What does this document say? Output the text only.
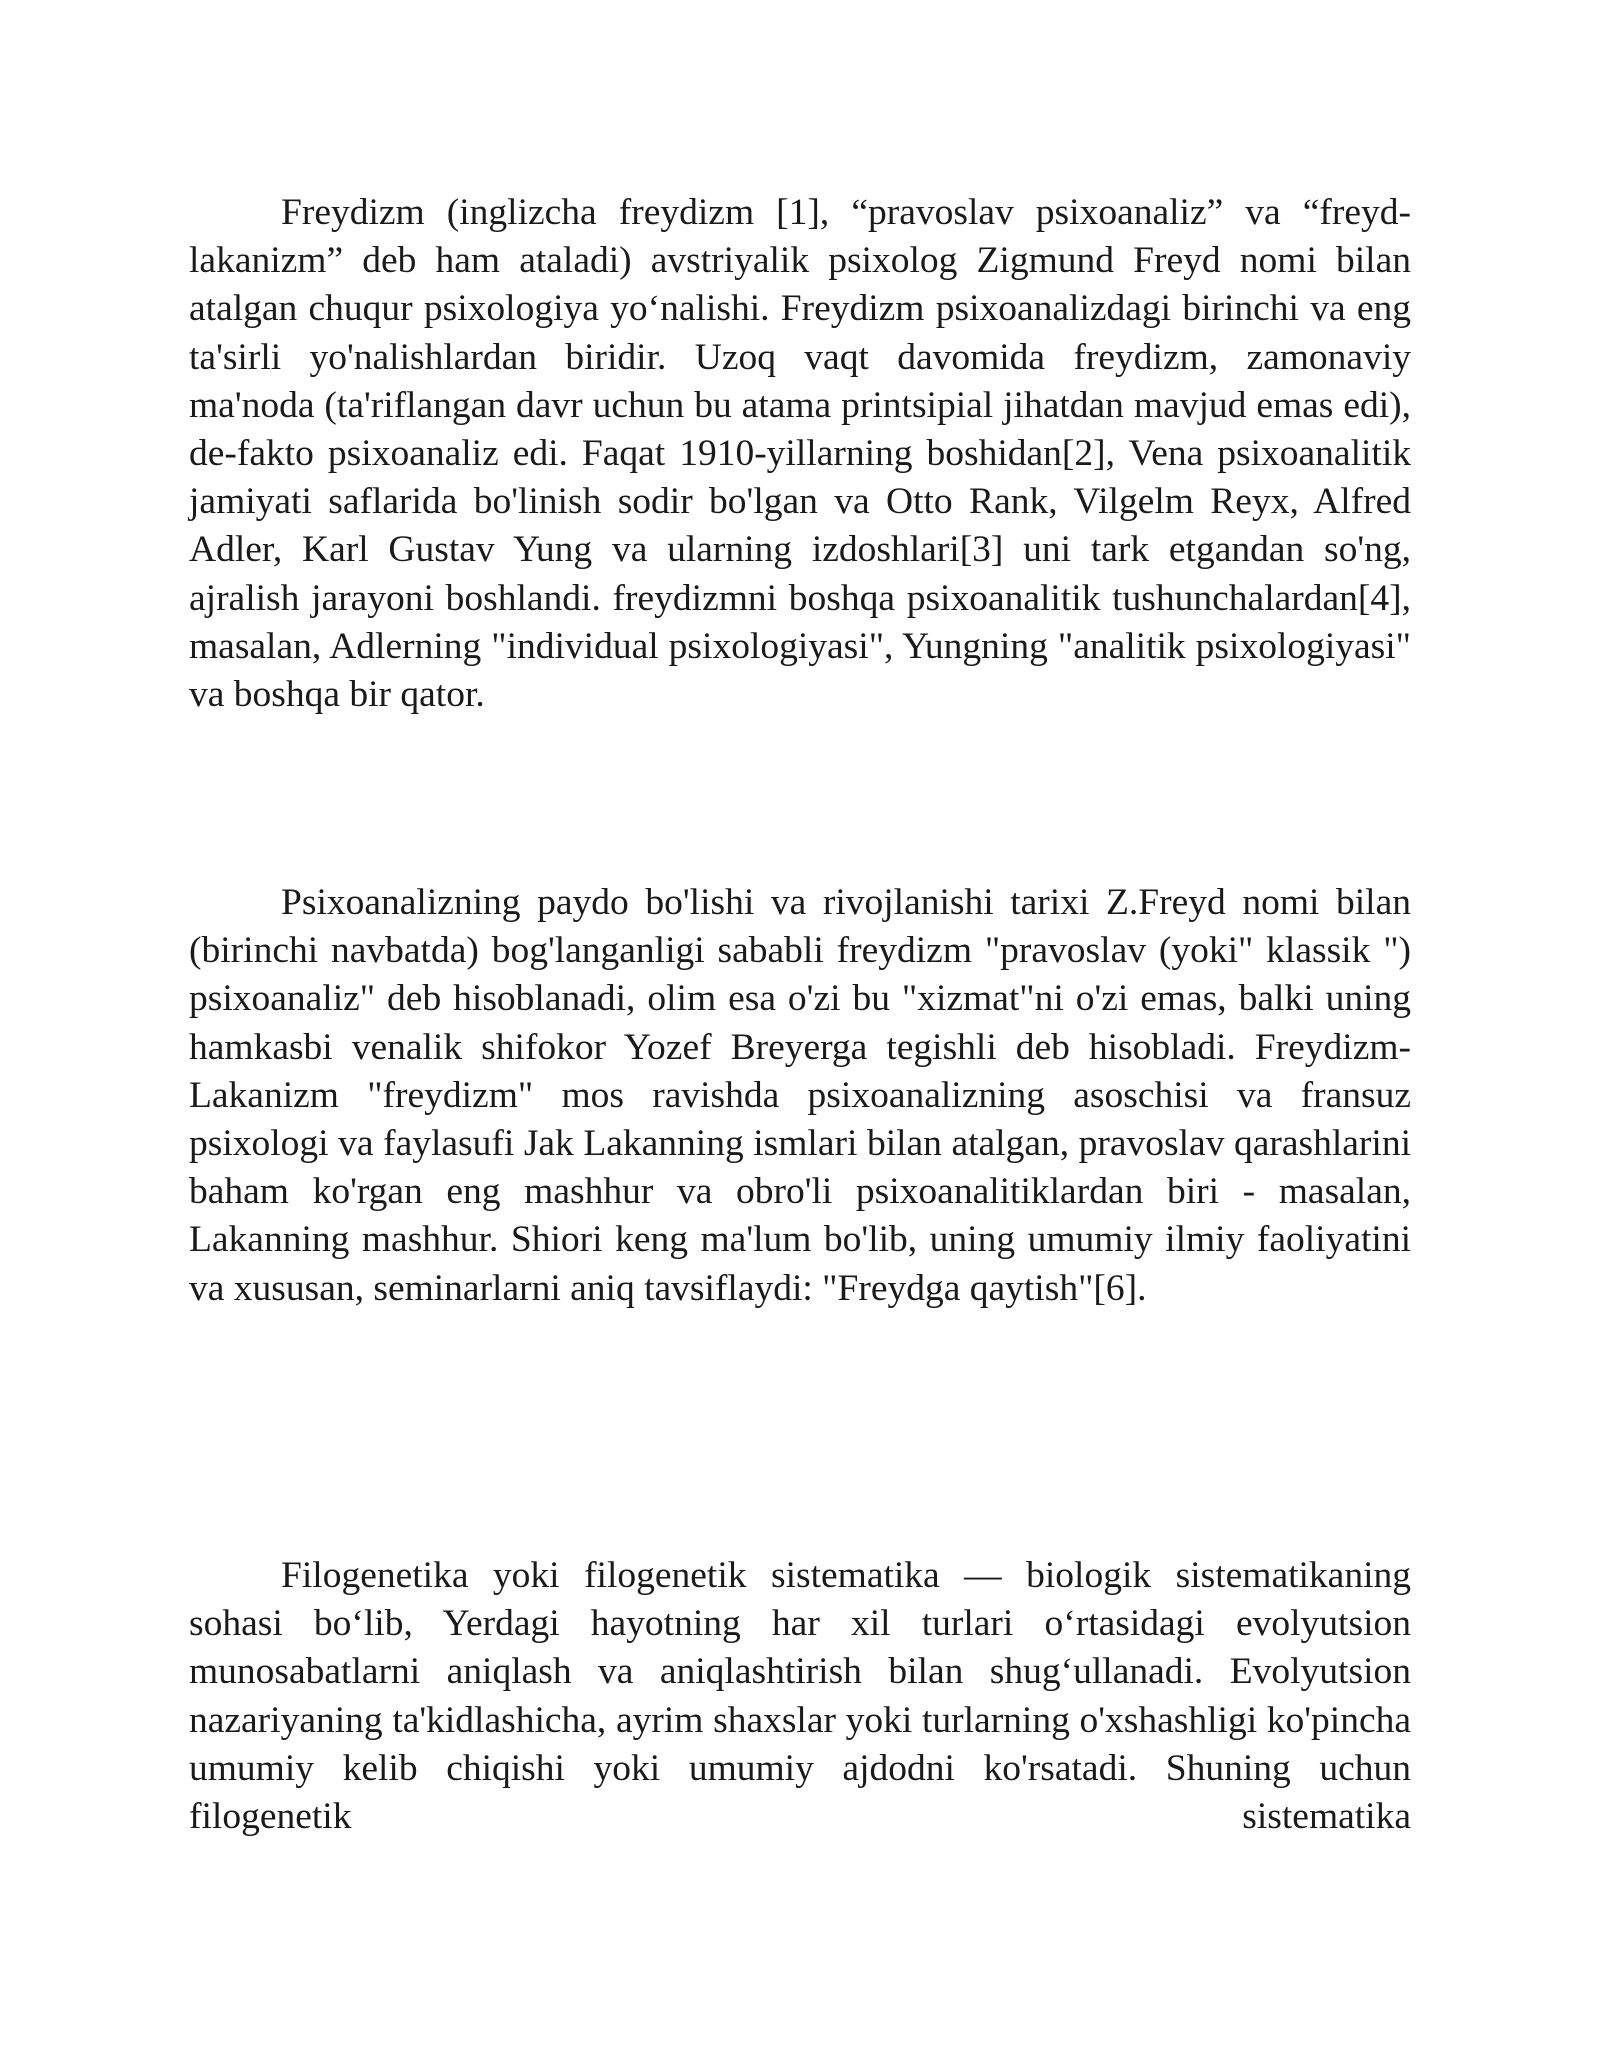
Freydizm (inglizcha freydizm [1], “pravoslav psixoanaliz” va “freyd-lakanizm” deb ham ataladi) avstriyalik psixolog Zigmund Freyd nomi bilan atalgan chuqur psixologiya yo‘nalishi. Freydizm psixoanalizdagi birinchi va eng ta'sirli yo'nalishlardan biridir. Uzoq vaqt davomida freydizm, zamonaviy ma'noda (ta'riflangan davr uchun bu atama printsipial jihatdan mavjud emas edi), de-fakto psixoanaliz edi. Faqat 1910-yillarning boshidan[2], Vena psixoanalitik jamiyati saflarida bo'linish sodir bo'lgan va Otto Rank, Vilgelm Reyx, Alfred Adler, Karl Gustav Yung va ularning izdoshlari[3] uni tark etgandan so'ng, ajralish jarayoni boshlandi. freydizmni boshqa psixoanalitik tushunchalardan[4], masalan, Adlerning "individual psixologiyasi", Yungning "analitik psixologiyasi" va boshqa bir qator.

Psixoanalizning paydo bo'lishi va rivojlanishi tarixi Z.Freyd nomi bilan (birinchi navbatda) bog'langanligi sababli freydizm "pravoslav (yoki" klassik ") psixoanaliz" deb hisoblanadi, olim esa o'zi bu "xizmat"ni o'zi emas, balki uning hamkasbi venalik shifokor Yozef Breyerga tegishli deb hisobladi. Freydizm-Lakanizm "freydizm" mos ravishda psixoanalizning asoschisi va fransuz psixologi va faylasufi Jak Lakanning ismlari bilan atalgan, pravoslav qarashlarini baham ko'rgan eng mashhur va obro'li psixoanalitiklardan biri - masalan, Lakanning mashhur. Shiori keng ma'lum bo'lib, uning umumiy ilmiy faoliyatini va xususan, seminarlarni aniq tavsiflaydi: "Freydga qaytish"[6].

Filogenetika yoki filogenetik sistematika — biologik sistematikaning sohasi bo‘lib, Yerdagi hayotning har xil turlari o‘rtasidagi evolyutsion munosabatlarni aniqlash va aniqlashtirish bilan shug‘ullanadi. Evolyutsion nazariyaning ta'kidlashicha, ayrim shaxslar yoki turlarning o'xshashligi ko'pincha umumiy kelib chiqishi yoki umumiy ajdodni ko'rsatadi. Shuning uchun filogenetik sistematika
